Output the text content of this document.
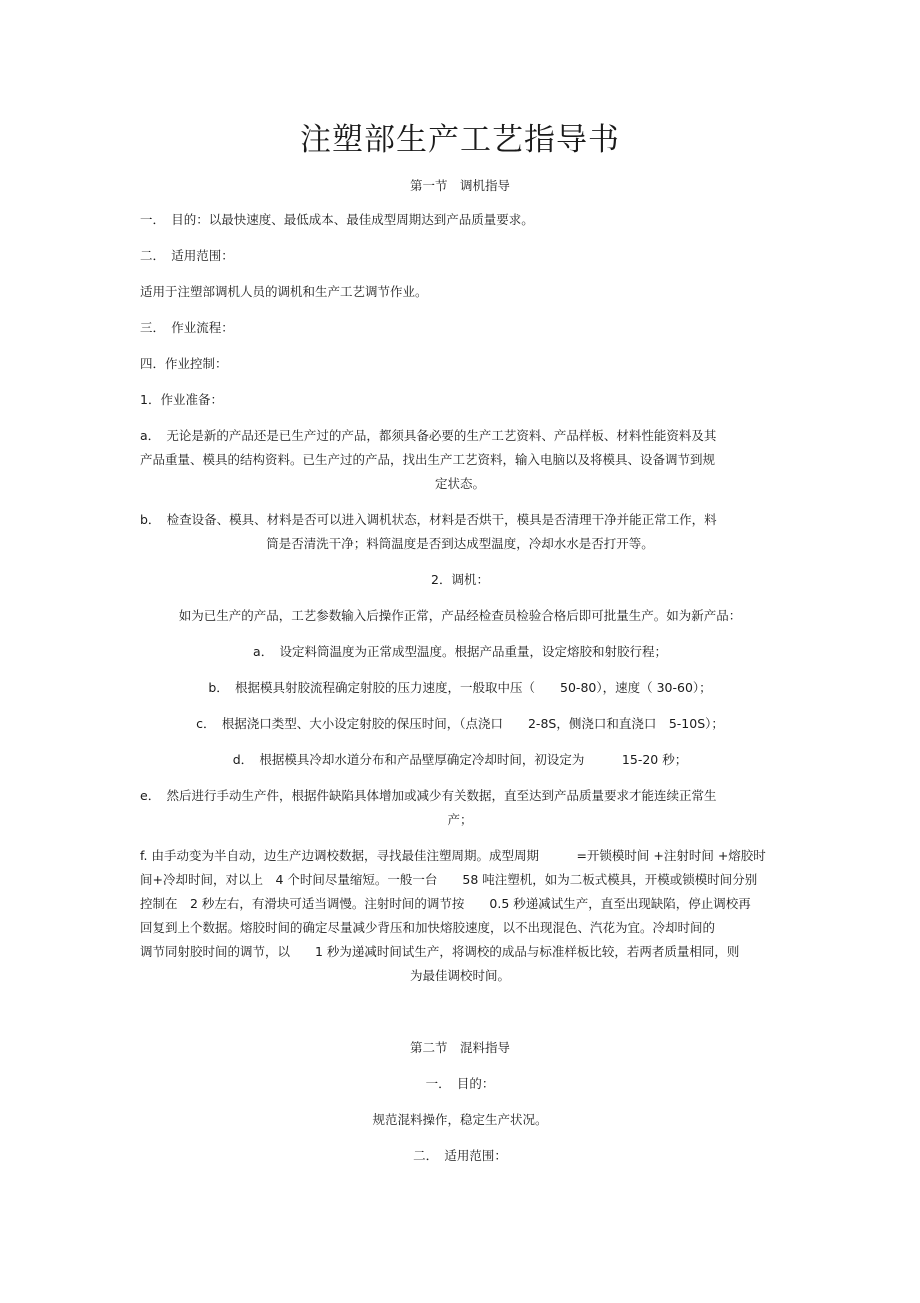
注塑部生产工艺指导书
第一节　调机指导
一．　目的：以最快速度、最低成本、最佳成型周期达到产品质量要求。
二．　适用范围：
适用于注塑部调机人员的调机和生产工艺调节作业。
三．　作业流程：
四．作业控制：
1．作业准备：
a．　无论是新的产品还是已生产过的产品，都须具备必要的生产工艺资料、产品样板、材料性能资料及其
产品重量、模具的结构资料。已生产过的产品，找出生产工艺资料，输入电脑以及将模具、设备调节到规
定状态。
b．　检查设备、模具、材料是否可以进入调机状态，材料是否烘干，模具是否清理干净并能正常工作，料
筒是否清洗干净；料筒温度是否到达成型温度，冷却水水是否打开等。
2．调机：
如为已生产的产品，工艺参数输入后操作正常，产品经检查员检验合格后即可批量生产。如为新产品：
a．　设定料筒温度为正常成型温度。根据产品重量，设定熔胶和射胶行程；
b．　根据模具射胶流程确定射胶的压力速度，一般取中压（　　50-80），速度（ 30-60）；
c．　根据浇口类型、大小设定射胶的保压时间，（点浇口　　2-8S，侧浇口和直浇口　5-10S）；
d．　根据模具冷却水道分布和产品壁厚确定冷却时间，初设定为　　　15-20 秒；
e．　然后进行手动生产件，根据件缺陷具体增加或减少有关数据，直至达到产品质量要求才能连续正常生
产；
f. 由手动变为半自动，边生产边调校数据，寻找最佳注塑周期。成型周期　　　=开锁模时间 +注射时间 +熔胶时
间+冷却时间，对以上　4 个时间尽量缩短。一般一台　　58 吨注塑机，如为二板式模具，开模或锁模时间分别
控制在　2 秒左右，有滑块可适当调慢。注射时间的调节按　　0.5 秒递减试生产，直至出现缺陷，停止调校再
回复到上个数据。熔胶时间的确定尽量减少背压和加快熔胶速度，以不出现混色、汽花为宜。冷却时间的
调节同射胶时间的调节，以　　1 秒为递减时间试生产，将调校的成品与标准样板比较，若两者质量相同，则
为最佳调校时间。
第二节　混料指导
一．　目的：
规范混料操作，稳定生产状况。
二．　适用范围：
